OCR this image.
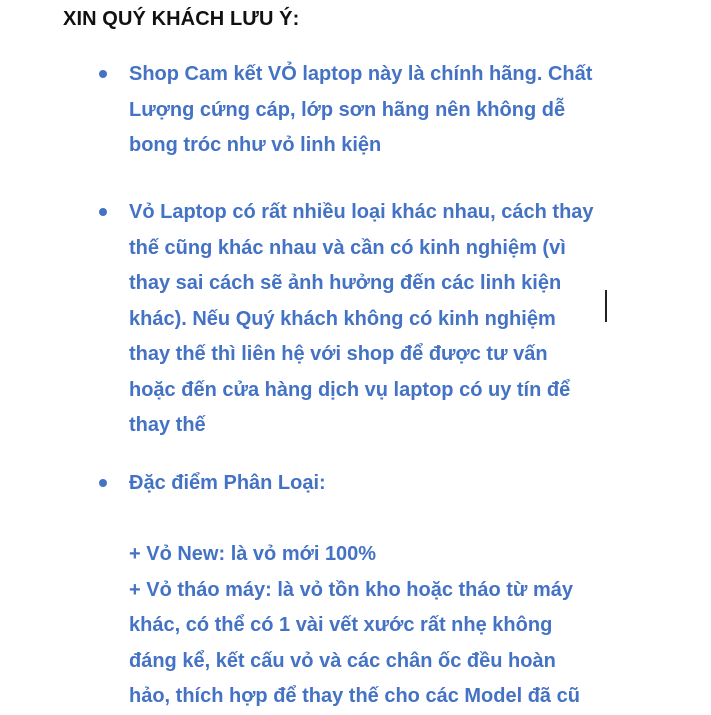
XIN QUÝ KHÁCH LƯU Ý:
Shop Cam kết VỎ laptop này là chính hãng. Chất
Lượng cứng cáp, lớp sơn hãng nên không dễ
bong tróc như vỏ linh kiện
Vỏ Laptop có rất nhiều loại khác nhau, cách thay
thế cũng khác nhau và cần có kinh nghiệm (vì
thay sai cách sẽ ảnh hưởng đến các linh kiện
khác). Nếu Quý khách không có kinh nghiệm
thay thế thì liên hệ với shop để được tư vấn
hoặc đến cửa hàng dịch vụ laptop có uy tín để
thay thế
Đặc điểm Phân Loại:

+ Vỏ New: là vỏ mới 100%
+ Vỏ tháo máy: là vỏ tồn kho hoặc tháo từ máy
khác, có thể có 1 vài vết xước rất nhẹ không
đáng kể, kết cấu vỏ và các chân ốc đều hoàn
hảo, thích hợp để thay thế cho các Model đã cũ
